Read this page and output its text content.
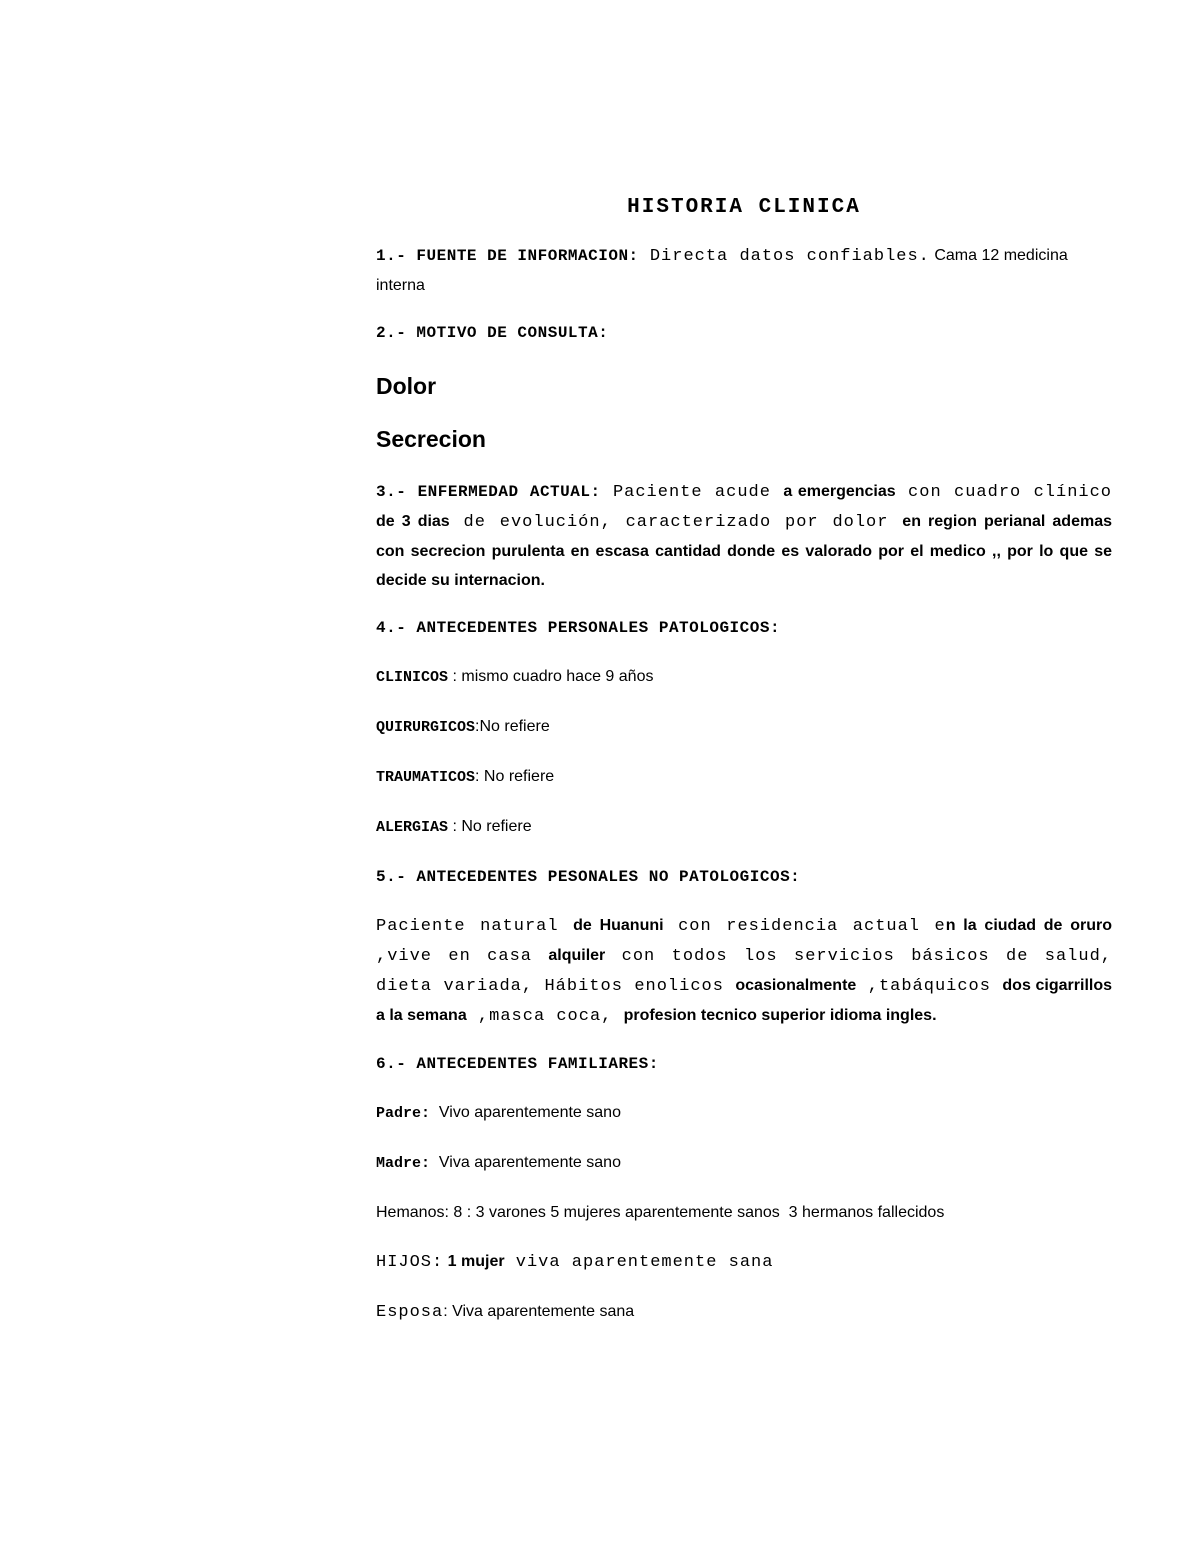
HISTORIA CLINICA

1.- FUENTE DE INFORMACION: Directa datos confiables. Cama 12 medicina interna

2.- MOTIVO DE CONSULTA:

Dolor

Secrecion

3.- ENFERMEDAD ACTUAL: Paciente acude a emergencias con cuadro clínico de 3 dias de evolución, caracterizado por dolor en region perianal ademas con secrecion purulenta en escasa cantidad donde es valorado por el medico ,, por lo que se decide su internacion.

4.- ANTECEDENTES PERSONALES PATOLOGICOS:

CLINICOS : mismo cuadro hace 9 años

QUIRURGICOS:No refiere

TRAUMATICOS: No refiere

ALERGIAS : No refiere

5.- ANTECEDENTES PESONALES NO PATOLOGICOS:

Paciente natural de Huanuni con residencia actual en la ciudad de oruro ,vive en casa alquiler con todos los servicios básicos de salud, dieta variada, Hábitos enolicos ocasionalmente ,tabáquicos dos cigarrillos a la semana ,masca coca, profesion tecnico superior idioma ingles.

6.- ANTECEDENTES FAMILIARES:

Padre:  Vivo aparentemente sano

Madre:  Viva aparentemente sano

Hemanos: 8 : 3 varones 5 mujeres aparentemente sanos  3 hermanos fallecidos

HIJOS: 1 mujer viva aparentemente sana

Esposa: Viva aparentemente sana
